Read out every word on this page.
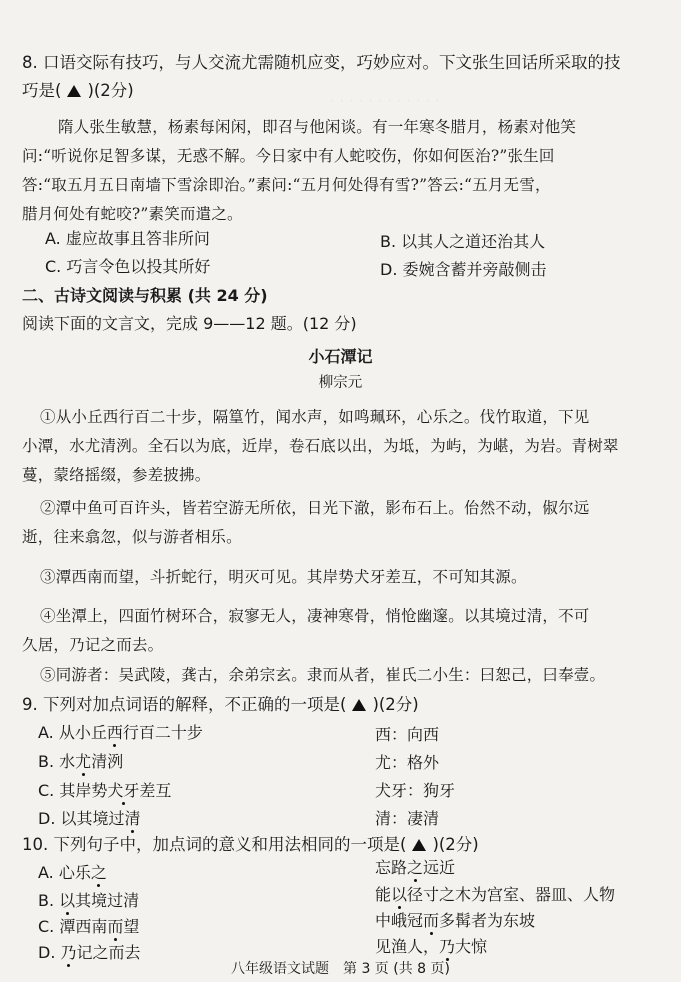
· · · · · · · · · · · ·
8. 口语交际有技巧，与人交流尤需随机应变，巧妙应对。下文张生回话所采取的技
巧是( )(2分)
隋人张生敏慧，杨素每闲闲，即召与他闲谈。有一年寒冬腊月，杨素对他笑
问:“听说你足智多谋，无惑不解。今日家中有人蛇咬伤，你如何医治?”张生回
答:“取五月五日南墙下雪涂即治。”素问:“五月何处得有雪?”答云:“五月无雪，
腊月何处有蛇咬?”素笑而遣之。
A. 虚应故事且答非所问	B. 以其人之道还治其人
C. 巧言令色以投其所好	D. 委婉含蓄并旁敲侧击
二、古诗文阅读与积累 (共 24 分)
阅读下面的文言文，完成 9——12 题。(12 分)
小石潭记
柳宗元
①从小丘西行百二十步，隔篁竹，闻水声，如鸣珮环，心乐之。伐竹取道，下见
小潭，水尤清洌。全石以为底，近岸，卷石底以出，为坻，为屿，为嵁，为岩。青树翠
蔓，蒙络摇缀，参差披拂。
②潭中鱼可百许头，皆若空游无所依，日光下澈，影布石上。佁然不动，俶尔远
逝，往来翕忽，似与游者相乐。
③潭西南而望，斗折蛇行，明灭可见。其岸势犬牙差互，不可知其源。
④坐潭上，四面竹树环合，寂寥无人，凄神寒骨，悄怆幽邃。以其境过清，不可
久居，乃记之而去。
⑤同游者：吴武陵，龚古，余弟宗玄。隶而从者，崔氏二小生：曰恕己，曰奉壹。
9. 下列对加点词语的解释，不正确的一项是( )(2分)
A. 从小丘西行百二十步	西：向西
B. 水尤清洌	尤：格外
C. 其岸势犬牙差互	犬牙：狗牙
D. 以其境过清	清：凄清
10. 下列句子中，加点词的意义和用法相同的一项是( )(2分)
A. 心乐之	忘路之远近
B. 以其境过清	能以径寸之木为宫室、器皿、人物
C. 潭西南而望	中峨冠而多髯者为东坡
D. 乃记之而去	见渔人，乃大惊
八年级语文试题　第 3 页 (共 8 页)
